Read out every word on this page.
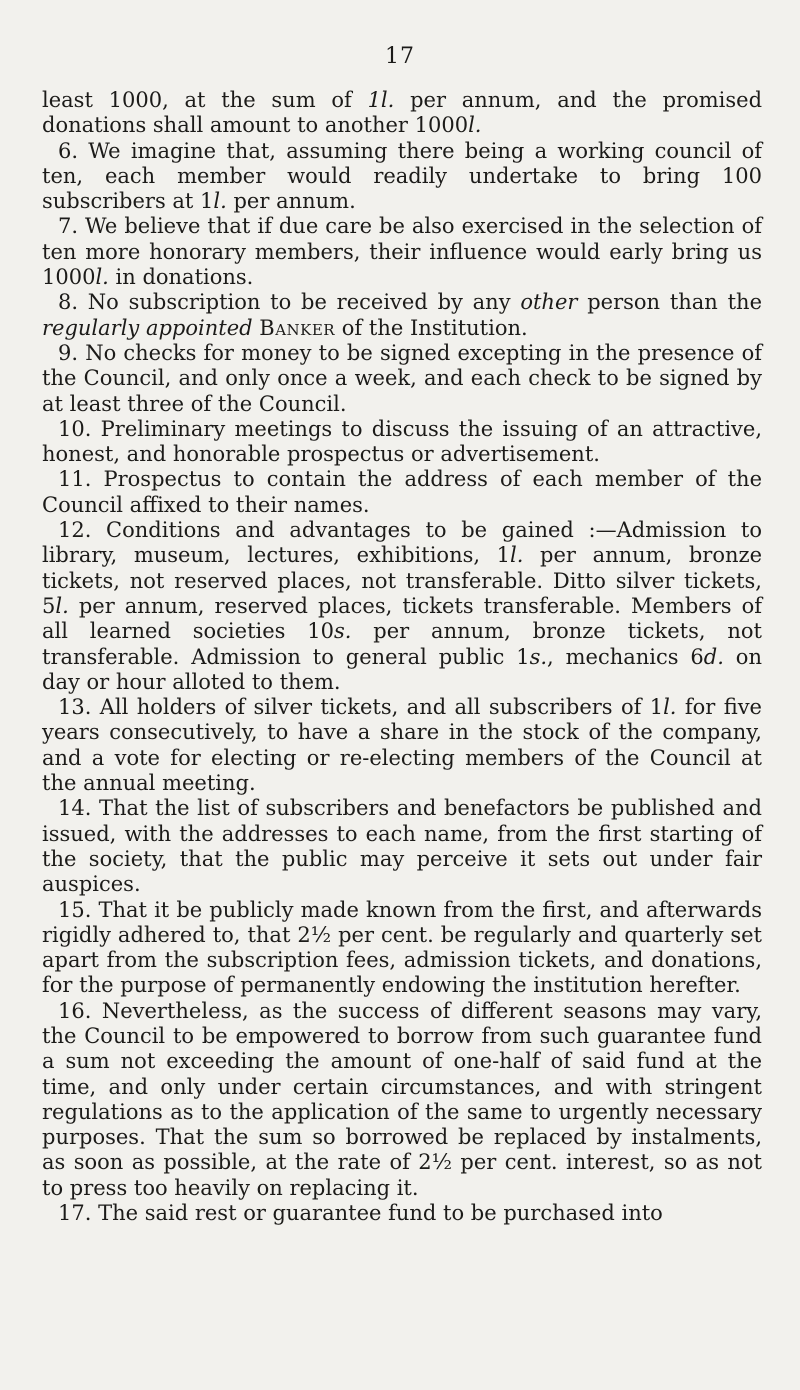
17

least 1000, at the sum of 1l. per annum, and the promised donations shall amount to another 1000l.

6. We imagine that, assuming there being a working council of ten, each member would readily undertake to bring 100 subscribers at 1l. per annum.

7. We believe that if due care be also exercised in the selection of ten more honorary members, their influence would early bring us 1000l. in donations.

8. No subscription to be received by any other person than the regularly appointed Banker of the Institution.

9. No checks for money to be signed excepting in the presence of the Council, and only once a week, and each check to be signed by at least three of the Council.

10. Preliminary meetings to discuss the issuing of an attractive, honest, and honorable prospectus or advertisement.

11. Prospectus to contain the address of each member of the Council affixed to their names.

12. Conditions and advantages to be gained :—Admission to library, museum, lectures, exhibitions, 1l. per annum, bronze tickets, not reserved places, not transferable. Ditto silver tickets, 5l. per annum, reserved places, tickets transferable. Members of all learned societies 10s. per annum, bronze tickets, not transferable. Admission to general public 1s., mechanics 6d. on day or hour alloted to them.

13. All holders of silver tickets, and all subscribers of 1l. for five years consecutively, to have a share in the stock of the company, and a vote for electing or re-electing members of the Council at the annual meeting.

14. That the list of subscribers and benefactors be published and issued, with the addresses to each name, from the first starting of the society, that the public may perceive it sets out under fair auspices.

15. That it be publicly made known from the first, and afterwards rigidly adhered to, that 2½ per cent. be regularly and quarterly set apart from the subscription fees, admission tickets, and donations, for the purpose of permanently endowing the institution herefter.

16. Nevertheless, as the success of different seasons may vary, the Council to be empowered to borrow from such guarantee fund a sum not exceeding the amount of one-half of said fund at the time, and only under certain circumstances, and with stringent regulations as to the application of the same to urgently necessary purposes. That the sum so borrowed be replaced by instalments, as soon as possible, at the rate of 2½ per cent. interest, so as not to press too heavily on replacing it.

17. The said rest or guarantee fund to be purchased into
